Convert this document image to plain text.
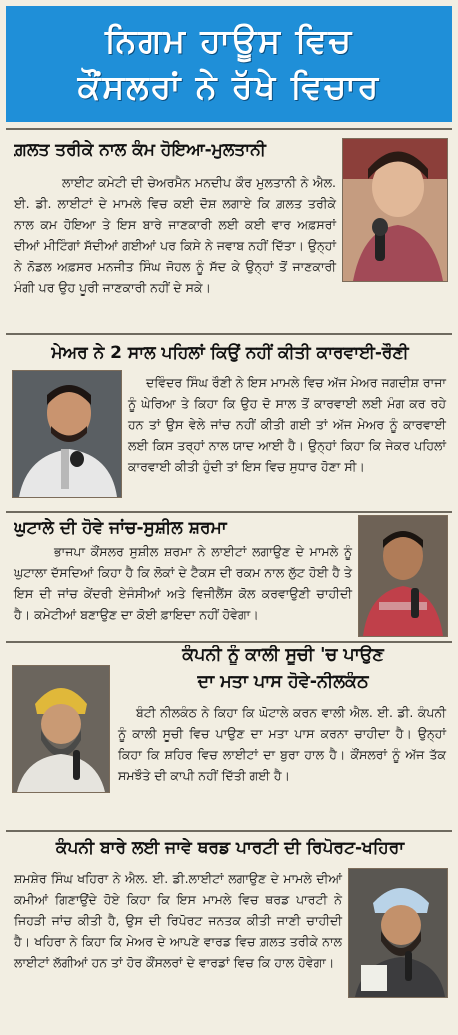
ਨਿਗਮ ਹਾਊਸ ਵਿਚ
ਕੌਂਸਲਰਾਂ ਨੇ ਰੱਖੇ ਵਿਚਾਰ
ਗ਼ਲਤ ਤਰੀਕੇ ਨਾਲ ਕੰਮ ਹੋਇਆ-ਮੁਲਤਾਨੀ
ਲਾਈਟ ਕਮੇਟੀ ਦੀ ਚੇਅਰਮੈਨ ਮਨਦੀਪ ਕੌਰ ਮੁਲਤਾਨੀ ਨੇ ਐਲ. ਈ. ਡੀ. ਲਾਈਟਾਂ ਦੇ ਮਾਮਲੇ ਵਿਚ ਕਈ ਦੋਸ਼ ਲਗਾਏ ਕਿ ਗ਼ਲਤ ਤਰੀਕੇ ਨਾਲ ਕਮ ਹੋਇਆ ਤੇ ਇਸ ਬਾਰੇ ਜਾਣਕਾਰੀ ਲਈ ਕਈ ਵਾਰ ਅਫ਼ਸਰਾਂ ਦੀਆਂ ਮੀਟਿੰਗਾਂ ਸੱਦੀਆਂ ਗਈਆਂ ਪਰ ਕਿਸੇ ਨੇ ਜਵਾਬ ਨਹੀਂ ਦਿੱਤਾ। ਉਨ੍ਹਾਂ ਨੇ ਨੋਡਲ ਅਫ਼ਸਰ ਮਨਜੀਤ ਸਿੰਘ ਜੋਹਲ ਨੂੰ ਸੱਦ ਕੇ ਉਨ੍ਹਾਂ ਤੋਂ ਜਾਣਕਾਰੀ ਮੰਗੀ ਪਰ ਉਹ ਪੂਰੀ ਜਾਣਕਾਰੀ ਨਹੀਂ ਦੇ ਸਕੇ।
ਮੇਅਰ ਨੇ 2 ਸਾਲ ਪਹਿਲਾਂ ਕਿਉਂ ਨਹੀਂ ਕੀਤੀ ਕਾਰਵਾਈ-ਰੌਣੀ
ਦਵਿੰਦਰ ਸਿੰਘ ਰੌਣੀ ਨੇ ਇਸ ਮਾਮਲੇ ਵਿਚ ਅੱਜ ਮੇਅਰ ਜਗਦੀਸ਼ ਰਾਜਾ ਨੂੰ ਘੇਰਿਆ ਤੇ ਕਿਹਾ ਕਿ ਉਹ ਦੋ ਸਾਲ ਤੋਂ ਕਾਰਵਾਈ ਲਈ ਮੰਗ ਕਰ ਰਹੇ ਹਨ ਤਾਂ ਉਸ ਵੇਲੇ ਜਾਂਚ ਨਹੀਂ ਕੀਤੀ ਗਈ ਤਾਂ ਅੱਜ ਮੇਅਰ ਨੂੰ ਕਾਰਵਾਈ ਲਈ ਕਿਸ ਤਰ੍ਹਾਂ ਨਾਲ ਯਾਦ ਆਈ ਹੈ। ਉਨ੍ਹਾਂ ਕਿਹਾ ਕਿ ਜੇਕਰ ਪਹਿਲਾਂ ਕਾਰਵਾਈ ਕੀਤੀ ਹੁੰਦੀ ਤਾਂ ਇਸ ਵਿਚ ਸੁਧਾਰ ਹੋਣਾ ਸੀ।
ਘੁਟਾਲੇ ਦੀ ਹੋਵੇ ਜਾਂਚ-ਸੁਸ਼ੀਲ ਸ਼ਰਮਾ
ਭਾਜਪਾ ਕੌਂਸਲਰ ਸੁਸ਼ੀਲ ਸ਼ਰਮਾ ਨੇ ਲਾਈਟਾਂ ਲਗਾਉਣ ਦੇ ਮਾਮਲੇ ਨੂੰ ਘੁਟਾਲਾ ਦੱਸਦਿਆਂ ਕਿਹਾ ਹੈ ਕਿ ਲੋਕਾਂ ਦੇ ਟੈਕਸ ਦੀ ਰਕਮ ਨਾਲ ਲੁੱਟ ਹੋਈ ਹੈ ਤੇ ਇਸ ਦੀ ਜਾਂਚ ਕੇਂਦਰੀ ਏਜੰਸੀਆਂ ਅਤੇ ਵਿਜੀਲੈਂਸ ਕੋਲ ਕਰਵਾਉਣੀ ਚਾਹੀਦੀ ਹੈ। ਕਮੇਟੀਆਂ ਬਣਾਉਣ ਦਾ ਕੋਈ ਫ਼ਾਇਦਾ ਨਹੀਂ ਹੋਵੇਗਾ।
ਕੰਪਨੀ ਨੂੰ ਕਾਲੀ ਸੂਚੀ 'ਚ ਪਾਉਣ
ਦਾ ਮਤਾ ਪਾਸ ਹੋਵੇ-ਨੀਲਕੰਠ
ਬੰਟੀ ਨੀਲਕੰਠ ਨੇ ਕਿਹਾ ਕਿ ਘੋਟਾਲੇ ਕਰਨ ਵਾਲੀ ਐਲ. ਈ. ਡੀ. ਕੰਪਨੀ ਨੂੰ ਕਾਲੀ ਸੂਚੀ ਵਿਚ ਪਾਉਣ ਦਾ ਮਤਾ ਪਾਸ ਕਰਨਾ ਚਾਹੀਦਾ ਹੈ। ਉਨ੍ਹਾਂ ਕਿਹਾ ਕਿ ਸ਼ਹਿਰ ਵਿਚ ਲਾਈਟਾਂ ਦਾ ਬੁਰਾ ਹਾਲ ਹੈ। ਕੌਂਸਲਰਾਂ ਨੂੰ ਅੱਜ ਤੱਕ ਸਮਝੌਤੇ ਦੀ ਕਾਪੀ ਨਹੀਂ ਦਿੱਤੀ ਗਈ ਹੈ।
ਕੰਪਨੀ ਬਾਰੇ ਲਈ ਜਾਵੇ ਥਰਡ ਪਾਰਟੀ ਦੀ ਰਿਪੋਰਟ-ਖਹਿਰਾ
ਸ਼ਮਸ਼ੇਰ ਸਿੰਘ ਖਹਿਰਾ ਨੇ ਐਲ. ਈ. ਡੀ.ਲਾਈਟਾਂ ਲਗਾਉਣ ਦੇ ਮਾਮਲੇ ਦੀਆਂ ਕਮੀਆਂ ਗਿਣਾਉਂਦੇ ਹੋਏ ਕਿਹਾ ਕਿ ਇਸ ਮਾਮਲੇ ਵਿਚ ਥਰਡ ਪਾਰਟੀ ਨੇ ਜਿਹੜੀ ਜਾਂਚ ਕੀਤੀ ਹੈ, ਉਸ ਦੀ ਰਿਪੋਰਟ ਜਨਤਕ ਕੀਤੀ ਜਾਣੀ ਚਾਹੀਦੀ ਹੈ। ਖਹਿਰਾ ਨੇ ਕਿਹਾ ਕਿ ਮੇਅਰ ਦੇ ਆਪਣੇ ਵਾਰਡ ਵਿਚ ਗ਼ਲਤ ਤਰੀਕੇ ਨਾਲ ਲਾਈਟਾਂ ਲੱਗੀਆਂ ਹਨ ਤਾਂ ਹੋਰ ਕੌਂਸਲਰਾਂ ਦੇ ਵਾਰਡਾਂ ਵਿਚ ਕਿ ਹਾਲ ਹੋਵੇਗਾ।
